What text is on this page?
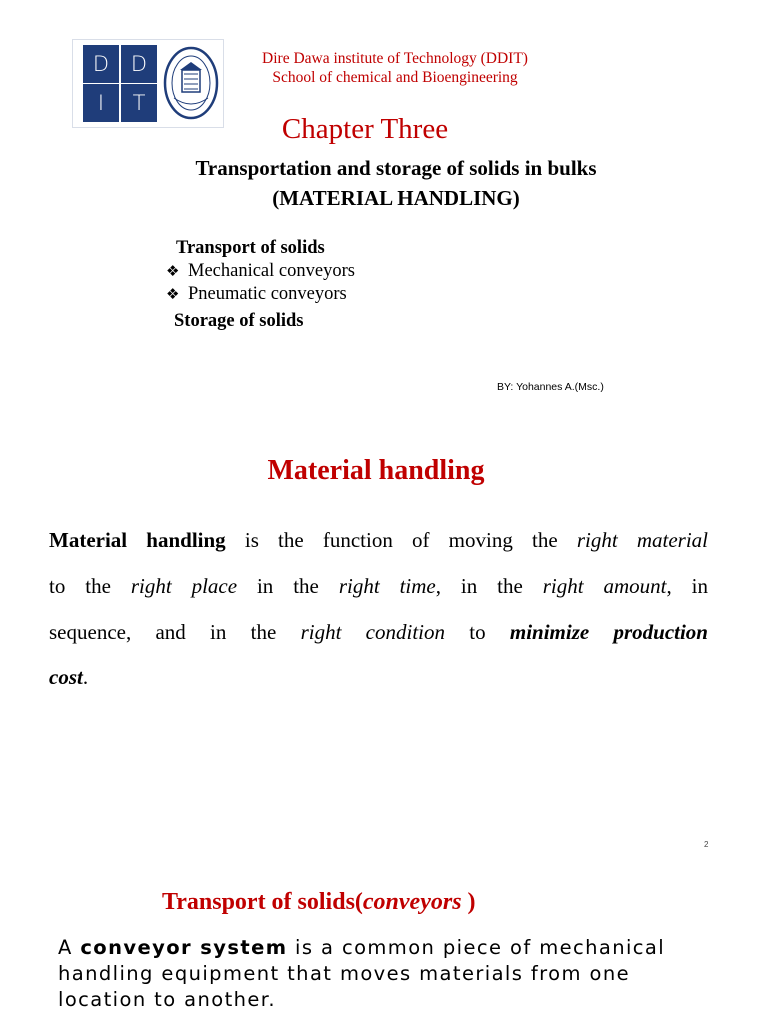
D	D
I	T
Dire Dawa institute of Technology (DDIT)
School of chemical and Bioengineering
Chapter Three
Transportation and storage of solids in bulks
(MATERIAL HANDLING)
Transport of solids
❖ Mechanical conveyors
❖ Pneumatic conveyors
Storage of solids
BY: Yohannes A.(Msc.)
Material handling
Material handling is the function of moving the right material
to the right place in the right time, in the right amount, in
sequence, and in the right condition to minimize production
cost.
2
Transport of solids(conveyors )
A conveyor system is a common piece of mechanical
handling equipment that moves materials from one
location to another.
